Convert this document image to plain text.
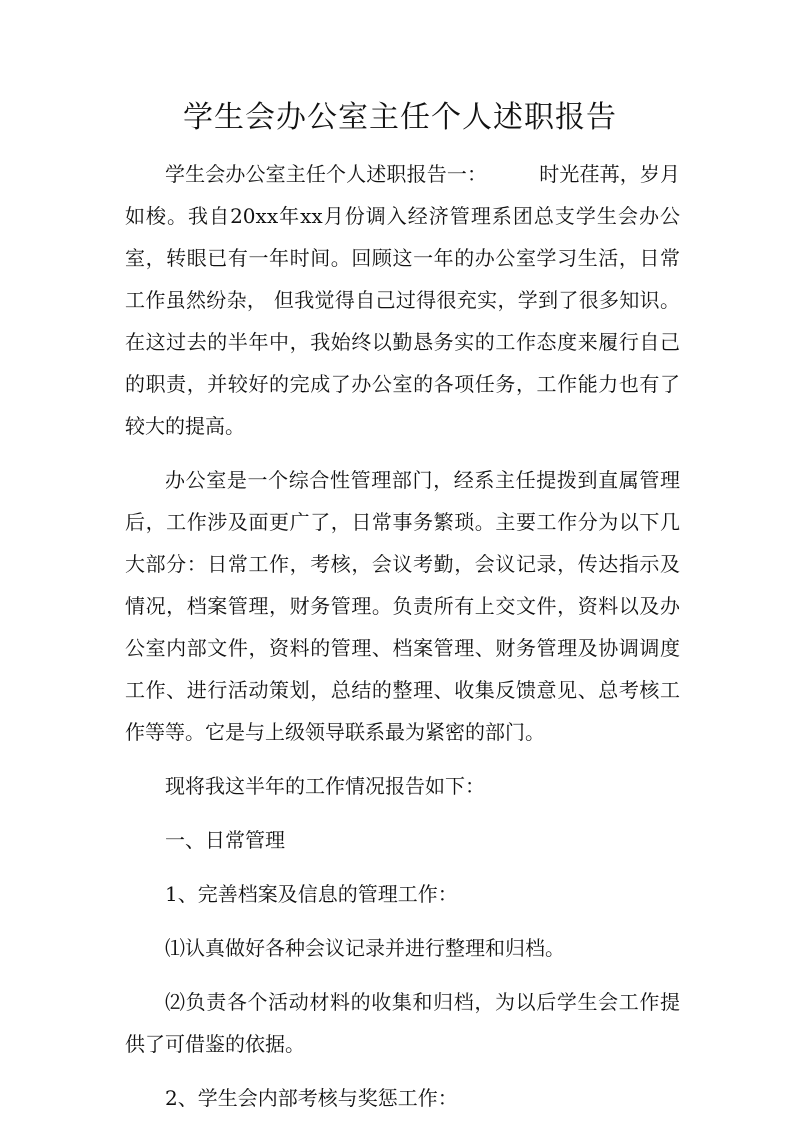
学生会办公室主任个人述职报告

学生会办公室主任个人述职报告一：	时光荏苒，岁月如梭。我自20xx年xx月份调入经济管理系团总支学生会办公室，转眼已有一年时间。回顾这一年的办公室学习生活，日常工作虽然纷杂， 但我觉得自己过得很充实，学到了很多知识。在这过去的半年中，我始终以勤恳务实的工作态度来履行自己的职责，并较好的完成了办公室的各项任务，工作能力也有了较大的提高。

办公室是一个综合性管理部门，经系主任提拨到直属管理后，工作涉及面更广了，日常事务繁琐。主要工作分为以下几大部分：日常工作，考核，会议考勤，会议记录，传达指示及情况，档案管理，财务管理。负责所有上交文件，资料以及办公室内部文件，资料的管理、档案管理、财务管理及协调调度工作、进行活动策划，总结的整理、收集反馈意见、总考核工作等等。它是与上级领导联系最为紧密的部门。

现将我这半年的工作情况报告如下：

一、日常管理

1、完善档案及信息的管理工作：

⑴认真做好各种会议记录并进行整理和归档。

⑵负责各个活动材料的收集和归档，为以后学生会工作提供了可借鉴的依据。

2、学生会内部考核与奖惩工作：
